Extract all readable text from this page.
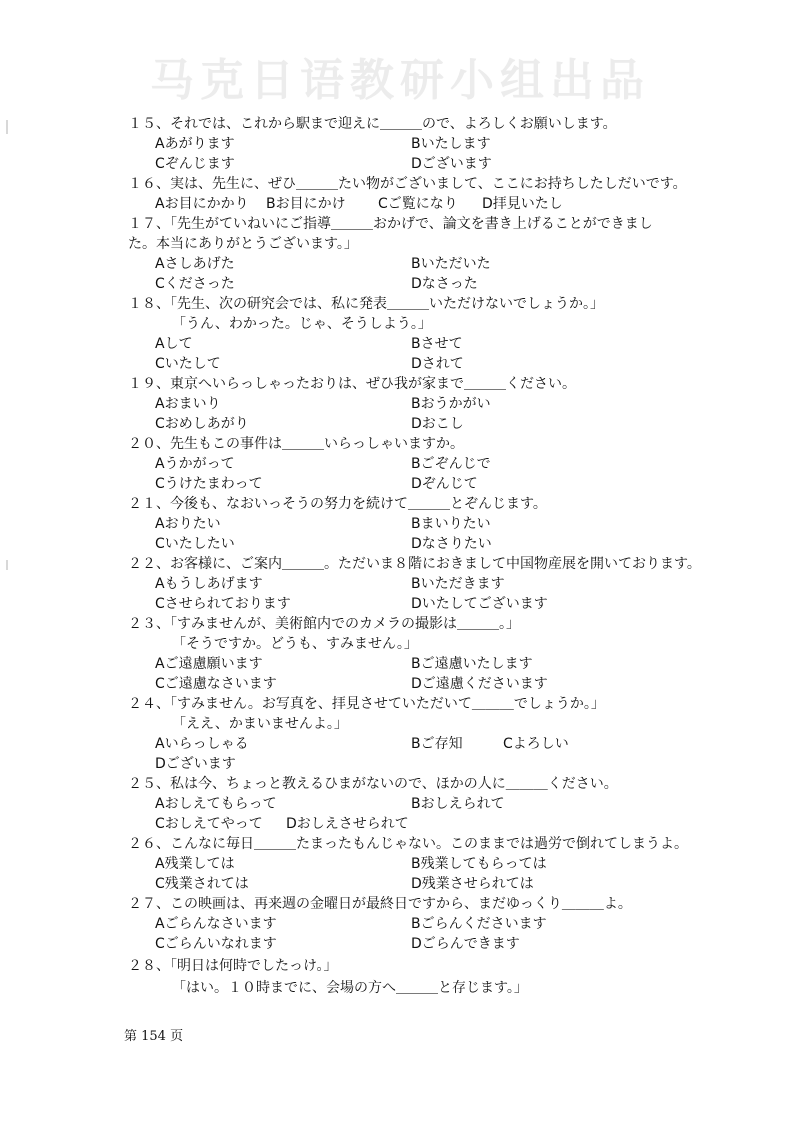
马克日语教研小组出品
１５、それでは、これから駅まで迎えに＿＿＿ので、よろしくお願いします。
Aあがります	Bいたします
Cぞんじます	Dございます
１６、実は、先生に、ぜひ＿＿＿たい物がございまして、ここにお持ちしたしだいです。
Aお目にかかり Bお目にかけ Cご覧になり D拝見いたし
１７、「先生がていねいにご指導＿＿＿おかげで、論文を書き上げることができました。本当にありがとうございます。」
Aさしあげた	Bいただいた
Cくださった	Dなさった
１８、「先生、次の研究会では、私に発表＿＿＿いただけないでしょうか。」
「うん、わかった。じゃ、そうしよう。」
Aして	Bさせて
Cいたして	Dされて
１９、東京へいらっしゃったおりは、ぜひ我が家まで＿＿＿ください。
Aおまいり	Bおうかがい
Cおめしあがり	Dおこし
２０、先生もこの事件は＿＿＿いらっしゃいますか。
Aうかがって	Bごぞんじで
Cうけたまわって	Dぞんじて
２１、今後も、なおいっそうの努力を続けて＿＿＿とぞんじます。
Aおりたい	Bまいりたい
Cいたしたい	Dなさりたい
２２、お客様に、ご案内＿＿＿。ただいま８階におきまして中国物産展を開いております。
Aもうしあげます	Bいただきます
Cさせられております	Dいたしてございます
２３、「すみませんが、美術館内でのカメラの撮影は＿＿＿。」
「そうですか。どうも、すみません。」
Aご遠慮願います	Bご遠慮いたします
Cご遠慮なさいます	Dご遠慮くださいます
２４、「すみません。お写真を、拝見させていただいて＿＿＿でしょうか。」
「ええ、かまいませんよ。」
Aいらっしゃる	Bご存知	Cよろしい
Dございます
２５、私は今、ちょっと教えるひまがないので、ほかの人に＿＿＿ください。
Aおしえてもらって	Bおしえられて
Cおしえてやって Dおしえさせられて
２６、こんなに毎日＿＿＿たまったもんじゃない。このままでは過労で倒れてしまうよ。
A残業しては	B残業してもらっては
C残業されては	D残業させられては
２７、この映画は、再来週の金曜日が最終日ですから、まだゆっくり＿＿＿よ。
Aごらんなさいます	Bごらんくださいます
Cごらんいなれます	Dごらんできます
２８、「明日は何時でしたっけ。」
「はい。１０時までに、会場の方へ＿＿＿と存じます。」
第 154 页
